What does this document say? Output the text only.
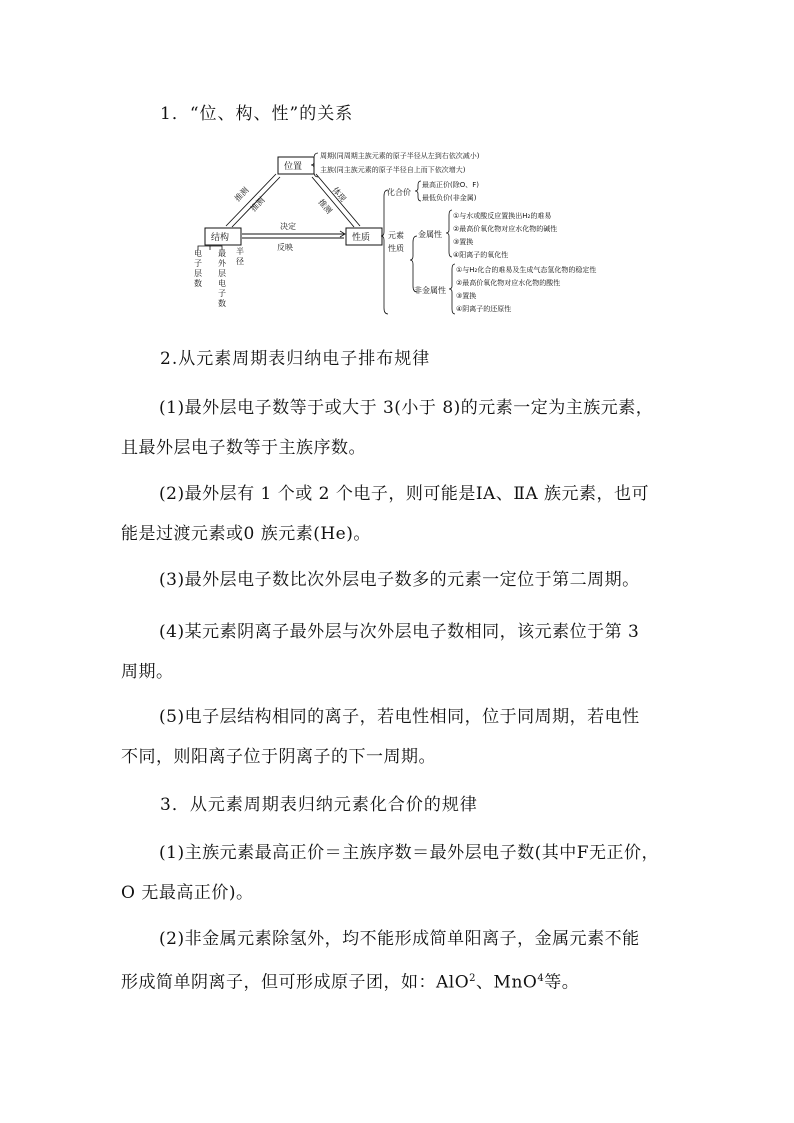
1．“位、构、性”的关系
位置
结构	性质
周期(同周期主族元素的原子半径从左到右依次减小)
主族(同主族元素的原子半径自上而下依次增大)
推测
推测
体现
推测
决定
反映
电子层数
最外层电子数
半径
化合价
最高正价(除O、F)
最低负价(非金属)
元素性质
金属性
①与水或酸反应置换出H₂的难易
②最高价氧化物对应水化物的碱性
③置换
④阳离子的氧化性
非金属性
①与H₂化合的难易及生成气态氢化物的稳定性
②最高价氧化物对应水化物的酸性
③置换
④阴离子的还原性
2.从元素周期表归纳电子排布规律
(1)最外层电子数等于或大于 3(小于 8)的元素一定为主族元素，
且最外层电子数等于主族序数。
(2)最外层有 1 个或 2 个电子，则可能是ⅠA、ⅡA 族元素，也可
能是过渡元素或0 族元素(He)。
(3)最外层电子数比次外层电子数多的元素一定位于第二周期。
(4)某元素阴离子最外层与次外层电子数相同，该元素位于第 3
周期。
(5)电子层结构相同的离子，若电性相同，位于同周期，若电性
不同，则阳离子位于阴离子的下一周期。
3．从元素周期表归纳元素化合价的规律
(1)主族元素最高正价＝主族序数＝最外层电子数(其中F无正价，
O 无最高正价)。
(2)非金属元素除氢外，均不能形成简单阳离子，金属元素不能
形成简单阴离子，但可形成原子团，如：AlO$^2$、MnO$^4$等。
